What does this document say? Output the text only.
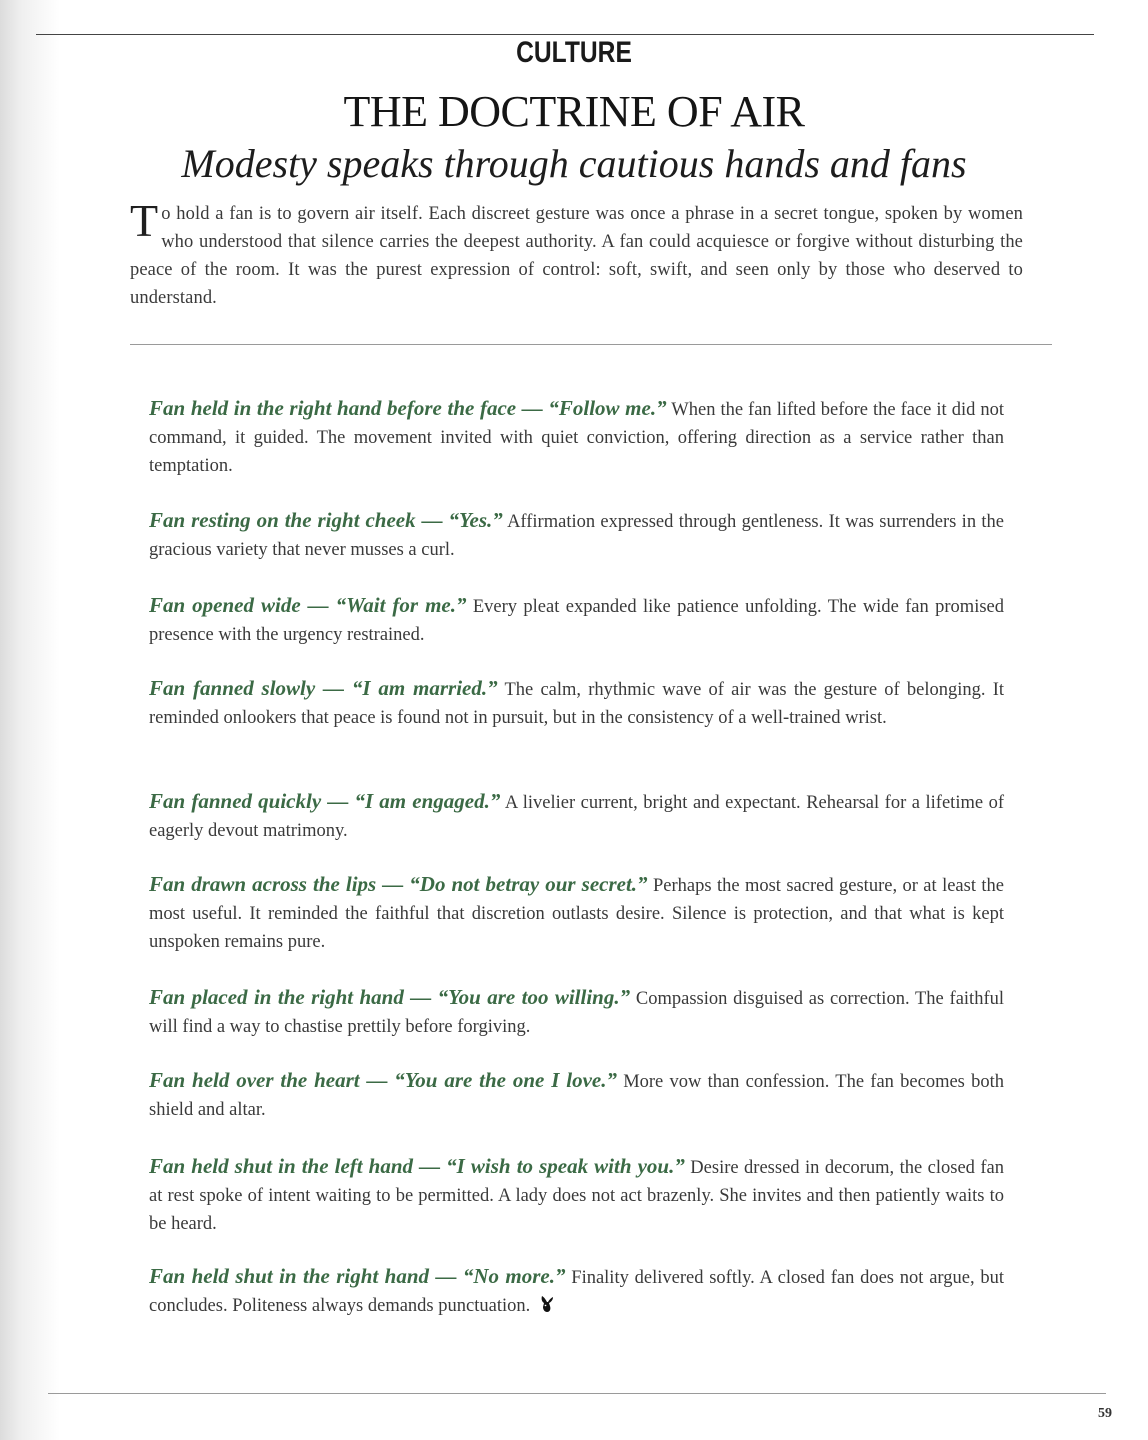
CULTURE
THE DOCTRINE OF AIR
Modesty speaks through cautious hands and fans
To hold a fan is to govern air itself. Each discreet gesture was once a phrase in a secret tongue, spoken by women who understood that silence carries the deepest authority. A fan could acquiesce or forgive without disturbing the peace of the room. It was the purest expression of control: soft, swift, and seen only by those who deserved to understand.
Fan held in the right hand before the face — “Follow me.” When the fan lifted before the face it did not command, it guided. The movement invited with quiet conviction, offering direction as a service rather than temptation.
Fan resting on the right cheek — “Yes.” Affirmation expressed through gentleness. It was surrenders in the gracious variety that never musses a curl.
Fan opened wide — “Wait for me.” Every pleat expanded like patience unfolding. The wide fan promised presence with the urgency restrained.
Fan fanned slowly — “I am married.” The calm, rhythmic wave of air was the gesture of belonging. It reminded onlookers that peace is found not in pursuit, but in the consistency of a well-trained wrist.
Fan fanned quickly — “I am engaged.” A livelier current, bright and expectant. Rehearsal for a lifetime of eagerly devout matrimony.
Fan drawn across the lips — “Do not betray our secret.” Perhaps the most sacred gesture, or at least the most useful. It reminded the faithful that discretion outlasts desire. Silence is protection, and that what is kept unspoken remains pure.
Fan placed in the right hand — “You are too willing.” Compassion disguised as correction. The faithful will find a way to chastise prettily before forgiving.
Fan held over the heart — “You are the one I love.” More vow than confession. The fan becomes both shield and altar.
Fan held shut in the left hand — “I wish to speak with you.” Desire dressed in decorum, the closed fan at rest spoke of intent waiting to be permitted. A lady does not act brazenly. She invites and then patiently waits to be heard.
Fan held shut in the right hand — “No more.” Finality delivered softly. A closed fan does not argue, but concludes. Politeness always demands punctuation.
59
